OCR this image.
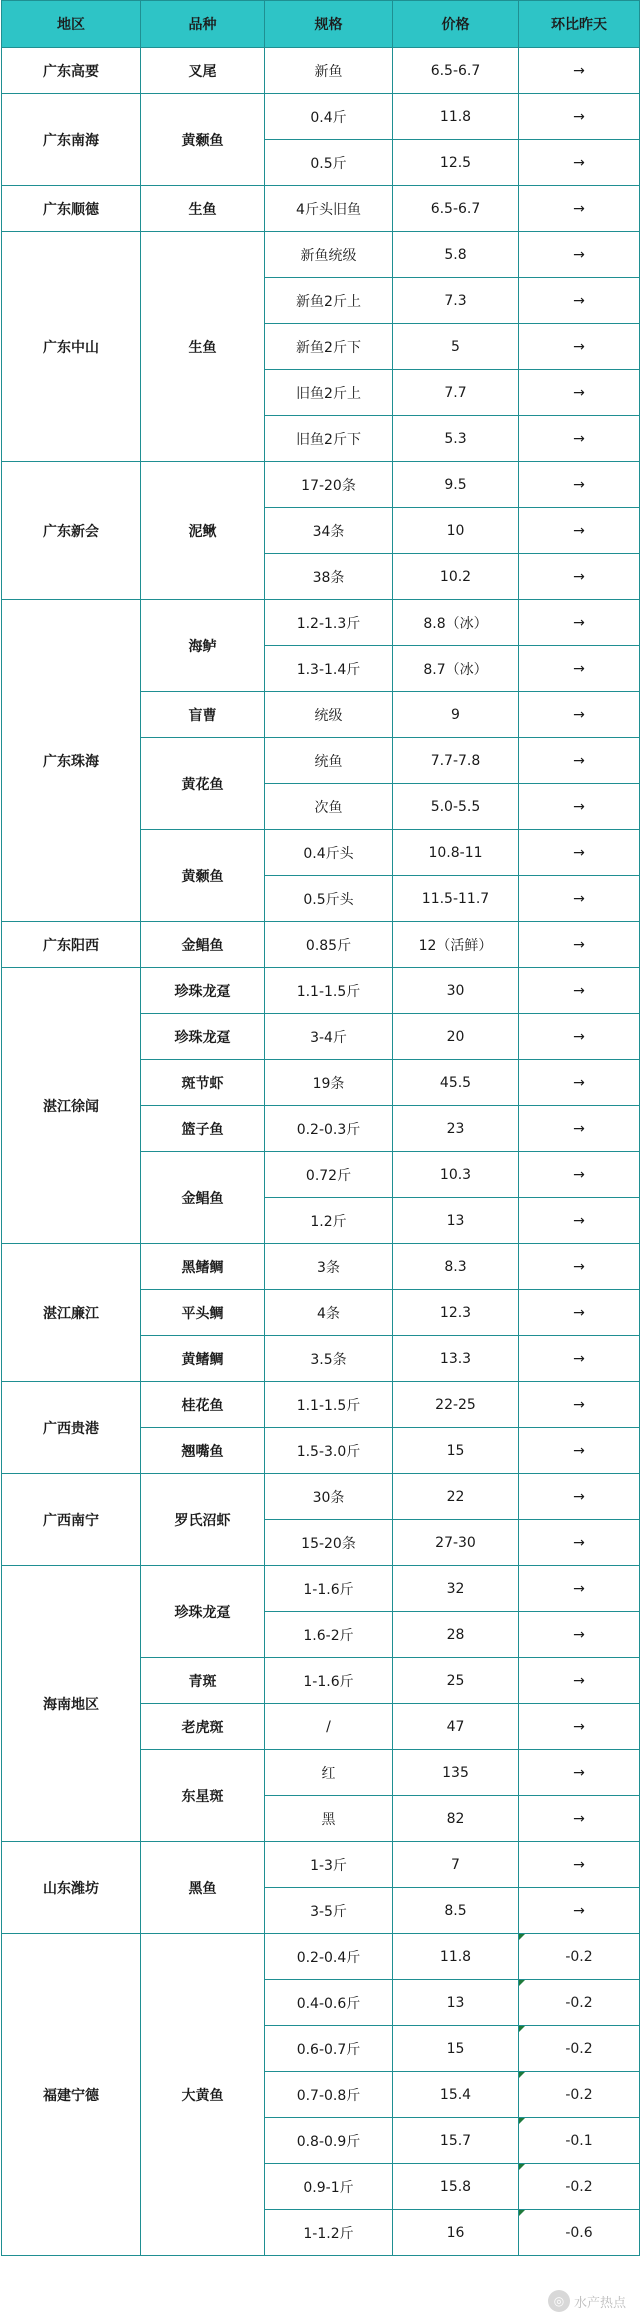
地区	品种	规格	价格	环比昨天
广东高要	叉尾	新鱼	6.5-6.7	→
广东南海	黄颡鱼	0.4斤	11.8	→
		0.5斤	12.5	→
广东顺德	生鱼	4斤头旧鱼	6.5-6.7	→
广东中山	生鱼	新鱼统级	5.8	→
		新鱼2斤上	7.3	→
		新鱼2斤下	5	→
		旧鱼2斤上	7.7	→
		旧鱼2斤下	5.3	→
广东新会	泥鳅	17-20条	9.5	→
		34条	10	→
		38条	10.2	→
广东珠海	海鲈	1.2-1.3斤	8.8（冰）	→
		1.3-1.4斤	8.7（冰）	→
	盲曹	统级	9	→
	黄花鱼	统鱼	7.7-7.8	→
		次鱼	5.0-5.5	→
	黄颡鱼	0.4斤头	10.8-11	→
		0.5斤头	11.5-11.7	→
广东阳西	金鲳鱼	0.85斤	12（活鲜）	→
湛江徐闻	珍珠龙趸	1.1-1.5斤	30	→
	珍珠龙趸	3-4斤	20	→
	斑节虾	19条	45.5	→
	篮子鱼	0.2-0.3斤	23	→
	金鲳鱼	0.72斤	10.3	→
		1.2斤	13	→
湛江廉江	黑鳍鲷	3条	8.3	→
	平头鲷	4条	12.3	→
	黄鳍鲷	3.5条	13.3	→
广西贵港	桂花鱼	1.1-1.5斤	22-25	→
	翘嘴鱼	1.5-3.0斤	15	→
广西南宁	罗氏沼虾	30条	22	→
		15-20条	27-30	→
海南地区	珍珠龙趸	1-1.6斤	32	→
		1.6-2斤	28	→
	青斑	1-1.6斤	25	→
	老虎斑	/	47	→
	东星斑	红	135	→
		黑	82	→
山东潍坊	黑鱼	1-3斤	7	→
		3-5斤	8.5	→
福建宁德	大黄鱼	0.2-0.4斤	11.8	-0.2
		0.4-0.6斤	13	-0.2
		0.6-0.7斤	15	-0.2
		0.7-0.8斤	15.4	-0.2
		0.8-0.9斤	15.7	-0.1
		0.9-1斤	15.8	-0.2
		1-1.2斤	16	-0.6
◎ 水产热点
